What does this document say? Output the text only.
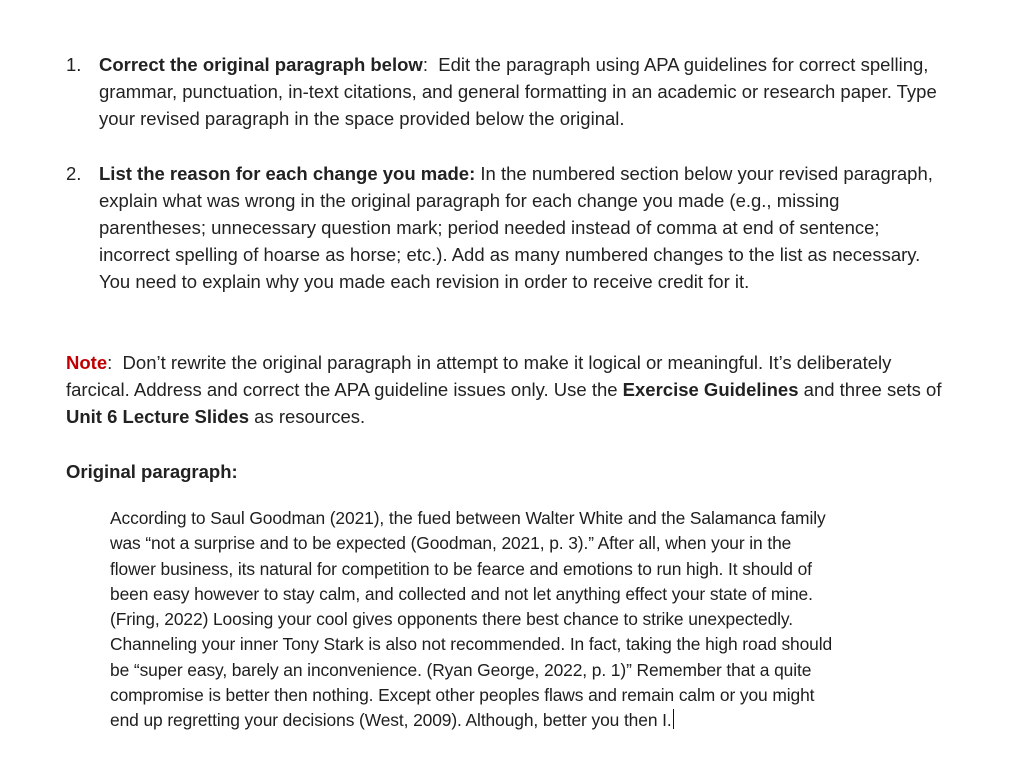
1. Correct the original paragraph below:  Edit the paragraph using APA guidelines for correct spelling, grammar, punctuation, in-text citations, and general formatting in an academic or research paper. Type your revised paragraph in the space provided below the original.
2. List the reason for each change you made: In the numbered section below your revised paragraph, explain what was wrong in the original paragraph for each change you made (e.g., missing parentheses; unnecessary question mark; period needed instead of comma at end of sentence; incorrect spelling of hoarse as horse; etc.). Add as many numbered changes to the list as necessary. You need to explain why you made each revision in order to receive credit for it.
Note:  Don’t rewrite the original paragraph in attempt to make it logical or meaningful. It’s deliberately farcical. Address and correct the APA guideline issues only. Use the Exercise Guidelines and three sets of Unit 6 Lecture Slides as resources.
Original paragraph:
According to Saul Goodman (2021), the fued between Walter White and the Salamanca family
was “not a surprise and to be expected (Goodman, 2021, p. 3).” After all, when your in the
flower business, its natural for competition to be fearce and emotions to run high. It should of
been easy however to stay calm, and collected and not let anything effect your state of mine.
(Fring, 2022) Loosing your cool gives opponents there best chance to strike unexpectedly.
Channeling your inner Tony Stark is also not recommended. In fact, taking the high road should
be “super easy, barely an inconvenience. (Ryan George, 2022, p. 1)” Remember that a quite
compromise is better then nothing. Except other peoples flaws and remain calm or you might
end up regretting your decisions (West, 2009). Although, better you then I.
